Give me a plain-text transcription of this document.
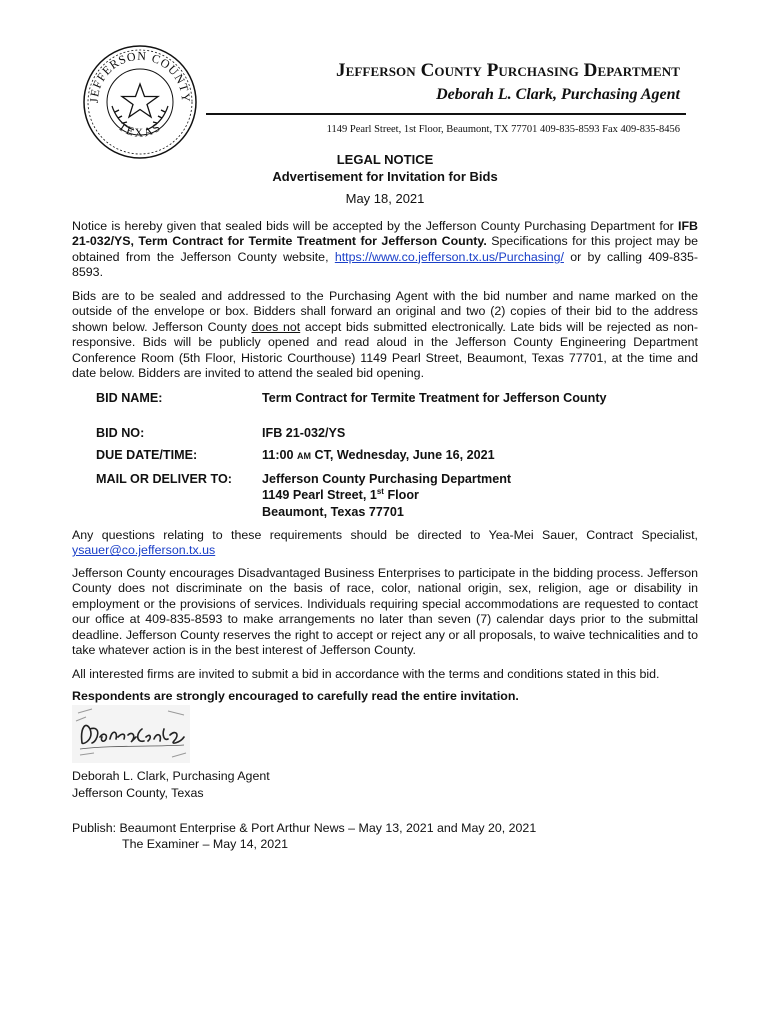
JEFFERSON COUNTY
TEXAS
Jefferson County Purchasing Department
Deborah L. Clark, Purchasing Agent
1149 Pearl Street, 1st Floor, Beaumont, TX 77701 409-835-8593 Fax 409-835-8456
LEGAL NOTICE
Advertisement for Invitation for Bids
May 18, 2021

Notice is hereby given that sealed bids will be accepted by the Jefferson County Purchasing Department for IFB 21-032/YS, Term Contract for Termite Treatment for Jefferson County. Specifications for this project may be obtained from the Jefferson County website, https://www.co.jefferson.tx.us/Purchasing/ or by calling 409-835-8593.

Bids are to be sealed and addressed to the Purchasing Agent with the bid number and name marked on the outside of the envelope or box. Bidders shall forward an original and two (2) copies of their bid to the address shown below. Jefferson County does not accept bids submitted electronically. Late bids will be rejected as non-responsive. Bids will be publicly opened and read aloud in the Jefferson County Engineering Department Conference Room (5th Floor, Historic Courthouse) 1149 Pearl Street, Beaumont, Texas 77701, at the time and date below. Bidders are invited to attend the sealed bid opening.

BID NAME:	Term Contract for Termite Treatment for Jefferson County
BID NO:	IFB 21-032/YS
DUE DATE/TIME:	11:00 AM CT, Wednesday, June 16, 2021
MAIL OR DELIVER TO: Jefferson County Purchasing Department
1149 Pearl Street, 1st Floor
Beaumont, Texas 77701

Any questions relating to these requirements should be directed to Yea-Mei Sauer, Contract Specialist, ysauer@co.jefferson.tx.us

Jefferson County encourages Disadvantaged Business Enterprises to participate in the bidding process. Jefferson County does not discriminate on the basis of race, color, national origin, sex, religion, age or disability in employment or the provisions of services. Individuals requiring special accommodations are requested to contact our office at 409-835-8593 to make arrangements no later than seven (7) calendar days prior to the submittal deadline. Jefferson County reserves the right to accept or reject any or all proposals, to waive technicalities and to take whatever action is in the best interest of Jefferson County.

All interested firms are invited to submit a bid in accordance with the terms and conditions stated in this bid.

Respondents are strongly encouraged to carefully read the entire invitation.

Deborah L. Clark, Purchasing Agent
Jefferson County, Texas
Publish: Beaumont Enterprise & Port Arthur News – May 13, 2021 and May 20, 2021
The Examiner – May 14, 2021
